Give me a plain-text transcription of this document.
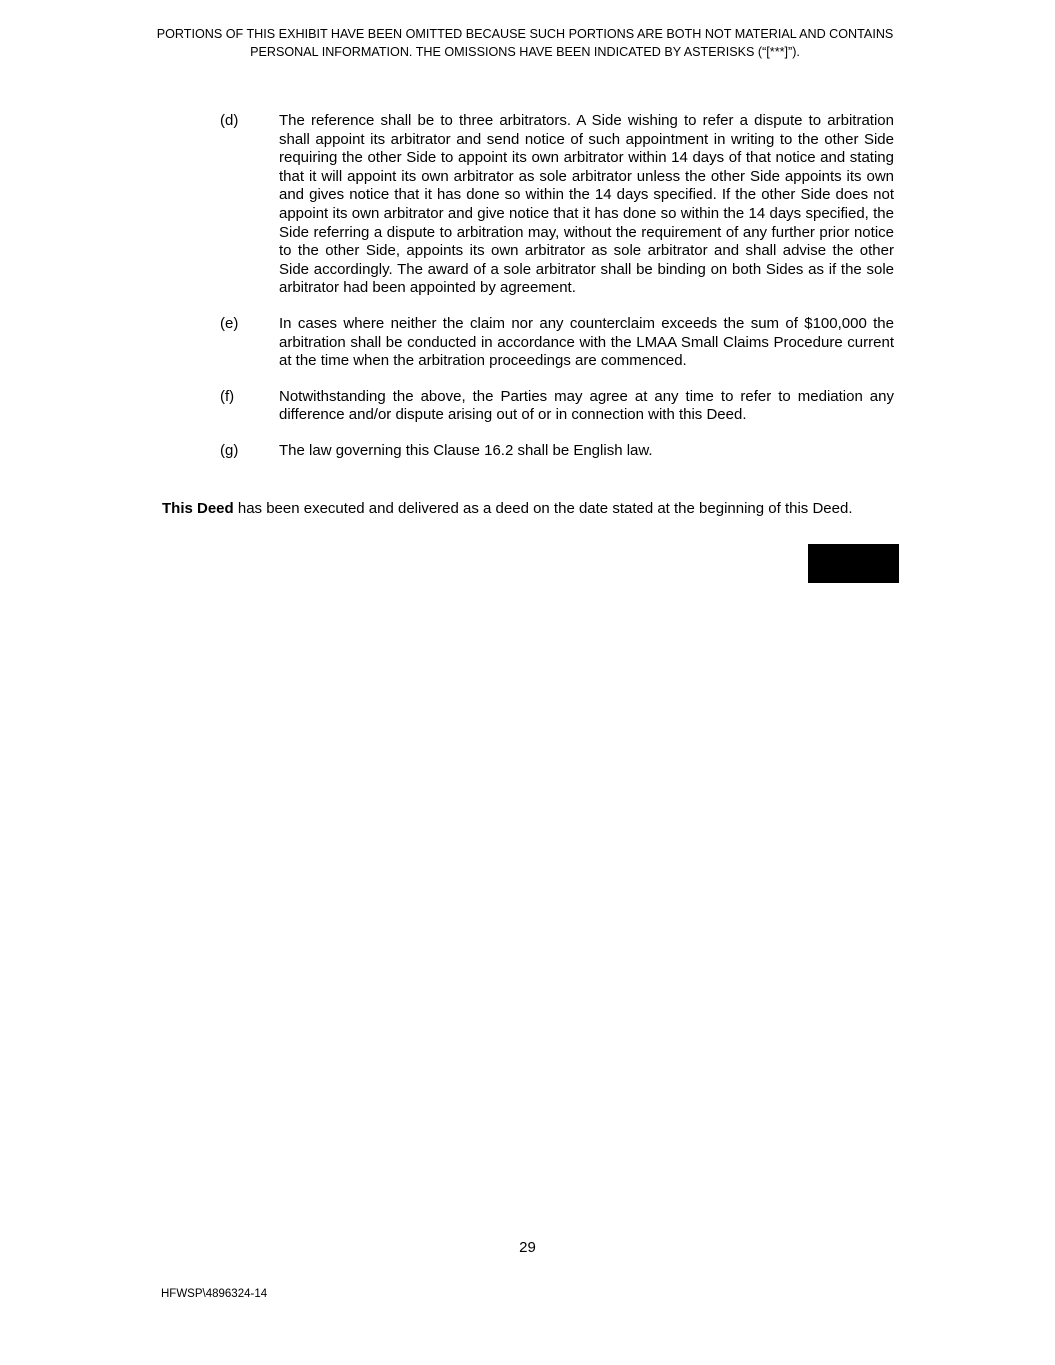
PORTIONS OF THIS EXHIBIT HAVE BEEN OMITTED BECAUSE SUCH PORTIONS ARE BOTH NOT MATERIAL AND CONTAINS PERSONAL INFORMATION. THE OMISSIONS HAVE BEEN INDICATED BY ASTERISKS (“[***]”).
(d)	The reference shall be to three arbitrators. A Side wishing to refer a dispute to arbitration shall appoint its arbitrator and send notice of such appointment in writing to the other Side requiring the other Side to appoint its own arbitrator within 14 days of that notice and stating that it will appoint its own arbitrator as sole arbitrator unless the other Side appoints its own and gives notice that it has done so within the 14 days specified. If the other Side does not appoint its own arbitrator and give notice that it has done so within the 14 days specified, the Side referring a dispute to arbitration may, without the requirement of any further prior notice to the other Side, appoints its own arbitrator as sole arbitrator and shall advise the other Side accordingly. The award of a sole arbitrator shall be binding on both Sides as if the sole arbitrator had been appointed by agreement.
(e)	In cases where neither the claim nor any counterclaim exceeds the sum of $100,000 the arbitration shall be conducted in accordance with the LMAA Small Claims Procedure current at the time when the arbitration proceedings are commenced.
(f)	Notwithstanding the above, the Parties may agree at any time to refer to mediation any difference and/or dispute arising out of or in connection with this Deed.
(g)	The law governing this Clause 16.2 shall be English law.
This Deed has been executed and delivered as a deed on the date stated at the beginning of this Deed.
29
HFWSP\4896324-14
